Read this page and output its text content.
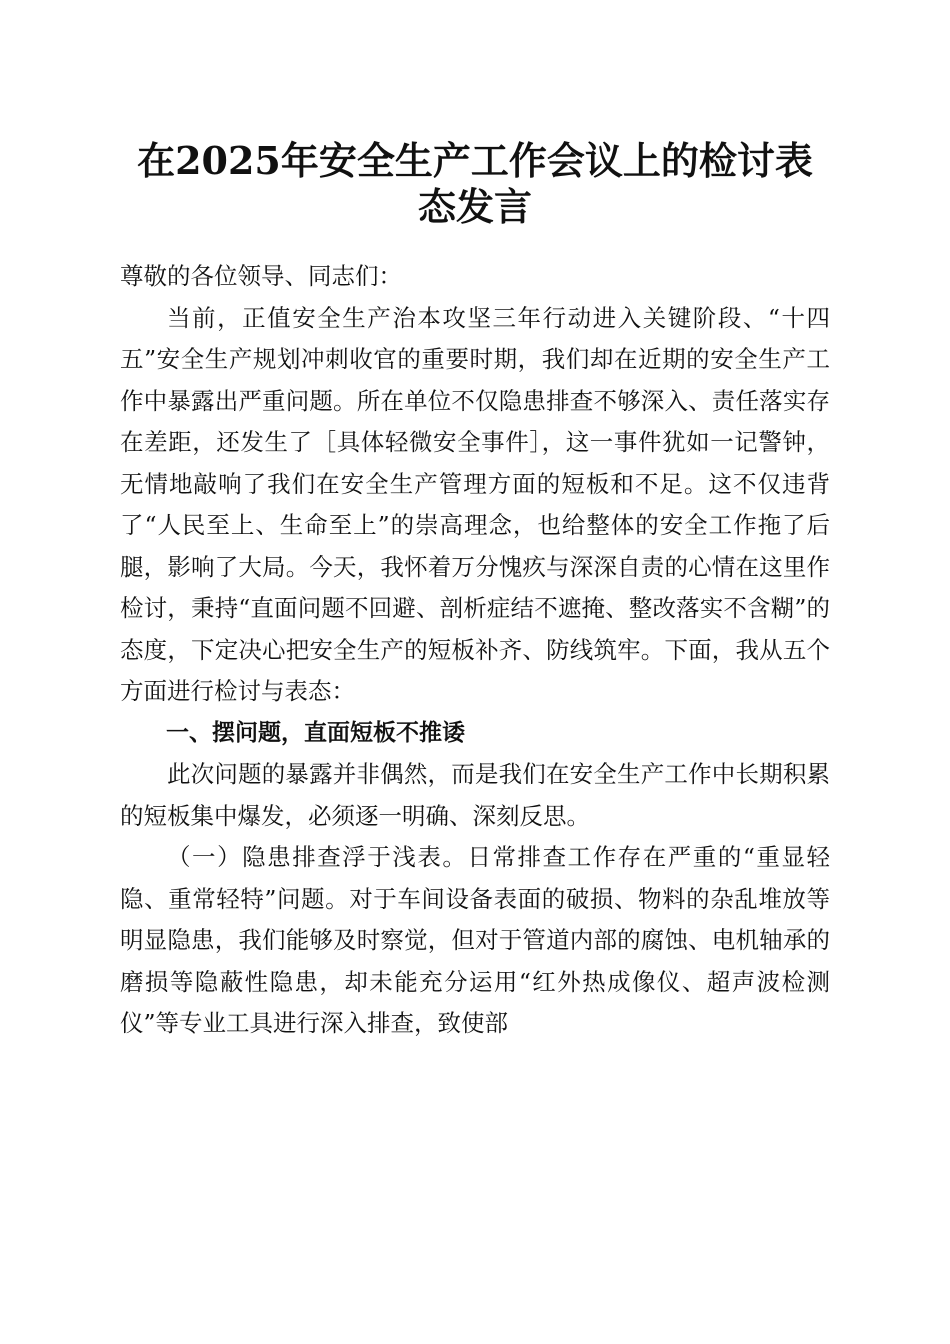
在2025年安全生产工作会议上的检讨表态发言

尊敬的各位领导、同志们：

当前，正值安全生产治本攻坚三年行动进入关键阶段、“十四五”安全生产规划冲刺收官的重要时期，我们却在近期的安全生产工作中暴露出严重问题。所在单位不仅隐患排查不够深入、责任落实存在差距，还发生了［具体轻微安全事件］，这一事件犹如一记警钟，无情地敲响了我们在安全生产管理方面的短板和不足。这不仅违背了“人民至上、生命至上”的崇高理念，也给整体的安全工作拖了后腿，影响了大局。今天，我怀着万分愧疚与深深自责的心情在这里作检讨，秉持“直面问题不回避、剖析症结不遮掩、整改落实不含糊”的态度，下定决心把安全生产的短板补齐、防线筑牢。下面，我从五个方面进行检讨与表态：

一、摆问题，直面短板不推诿

此次问题的暴露并非偶然，而是我们在安全生产工作中长期积累的短板集中爆发，必须逐一明确、深刻反思。

（一）隐患排查浮于浅表。日常排查工作存在严重的“重显轻隐、重常轻特”问题。对于车间设备表面的破损、物料的杂乱堆放等明显隐患，我们能够及时察觉，但对于管道内部的腐蚀、电机轴承的磨损等隐蔽性隐患，却未能充分运用“红外热成像仪、超声波检测仪”等专业工具进行深入排查，致使部
